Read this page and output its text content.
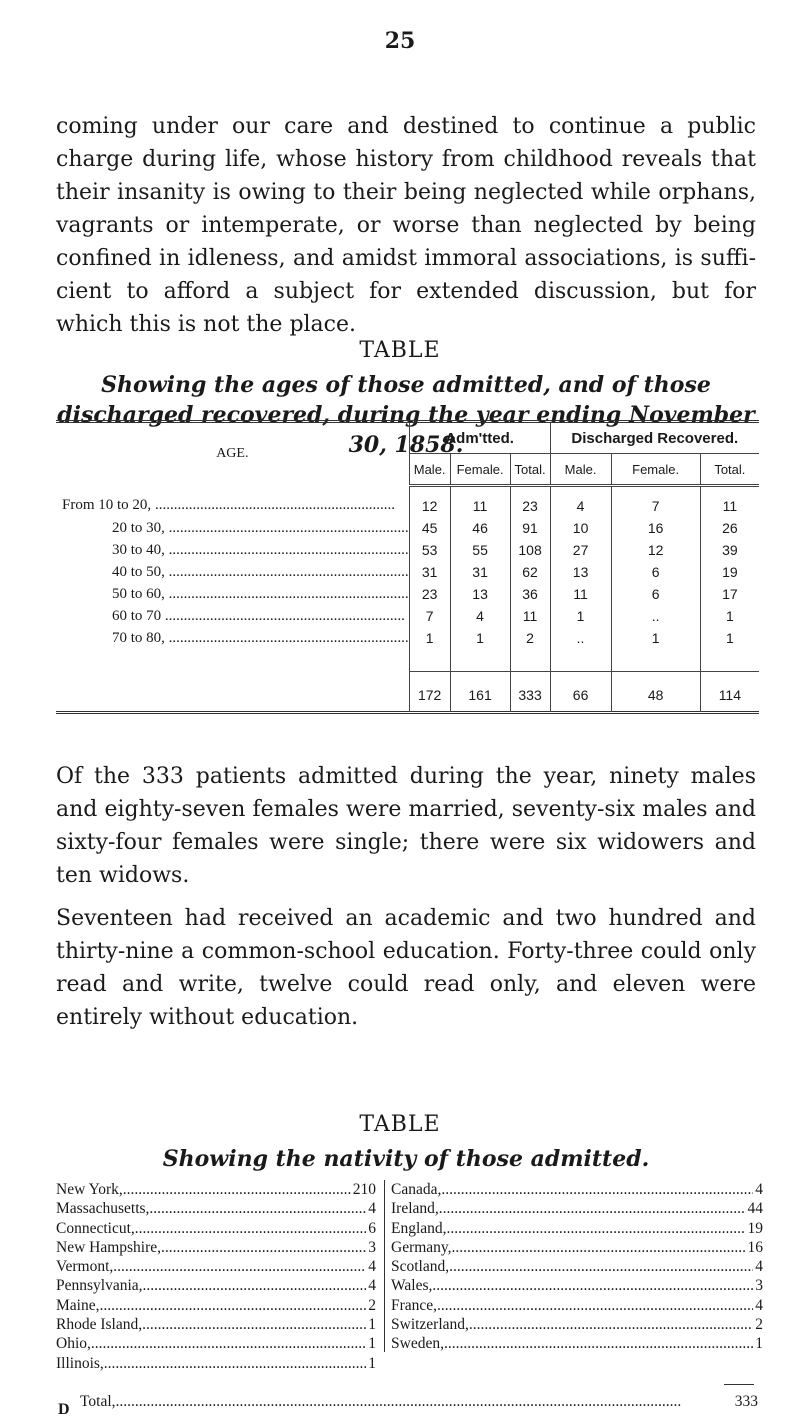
25
coming under our care and destined to continue a public charge during life, whose history from childhood reveals that their insanity is owing to their being neglected while orphans, vagrants or intemperate, or worse than neglected by being confined in idleness, and amidst immoral associations, is sufficient to afford a subject for extended discussion, but for which this is not the place.
TABLE
Showing the ages of those admitted, and of those discharged recovered, during the year ending November 30, 1858.
AGE.	Adm'tted.			Discharged Recovered.		
	Male.	Female.	Total.	Male.	Female.	Total.
From 10 to 20, .....	12	11	23	4	7	11
20 to 30, .....	45	46	91	10	16	26
30 to 40, .....	53	55	108	27	12	39
40 to 50, .....	31	31	62	13	6	19
50 to 60, .....	23	13	36	11	6	17
60 to 70 .....	7	4	11	1	..	1
70 to 80, .....	1	1	2	..	1	1

	172	161	333	66	48	114
Of the 333 patients admitted during the year, ninety males and eighty-seven females were married, seventy-six males and sixty-four females were single; there were six widowers and ten widows.
Seventeen had received an academic and two hundred and thirty-nine a common-school education. Forty-three could only read and write, twelve could read only, and eleven were entirely without education.
TABLE
Showing the nativity of those admitted.
New York, .....	210
Massachusetts, .....	4
Connecticut, .....	6
New Hampshire, .....	3
Vermont, .....	4
Pennsylvania, .....	4
Maine, .....	2
Rhode Island, .....	1
Ohio, .....	1
Illinois, .....	1
Canada, .....	4
Ireland, .....	44
England, .....	19
Germany, .....	16
Scotland, .....	4
Wales, .....	3
France, .....	4
Switzerland, .....	2
Sweden, .....	1
Total, .....	333
D
